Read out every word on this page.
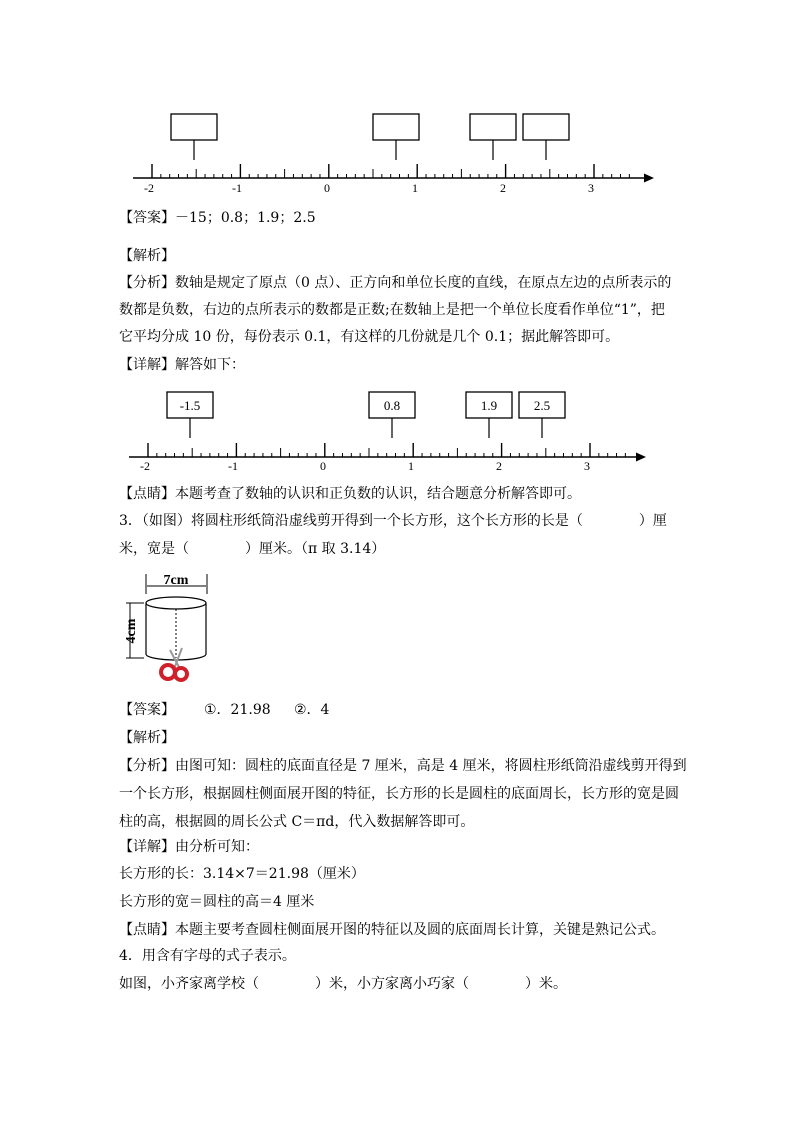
-2	-1	0	1	2	3
【答案】－15；0.8；1.9；2.5
【解析】
【分析】数轴是规定了原点（0 点）、正方向和单位长度的直线，在原点左边的点所表示的
数都是负数，右边的点所表示的数都是正数;在数轴上是把一个单位长度看作单位“1”，把
它平均分成 10 份，每份表示 0.1，有这样的几份就是几个 0.1；据此解答即可。
【详解】解答如下：
-1.5	0.8	1.9	2.5
-2	-1	0	1	2	3
【点睛】本题考查了数轴的认识和正负数的认识，结合题意分析解答即可。
3．（如图）将圆柱形纸筒沿虚线剪开得到一个长方形，这个长方形的长是（　　　　）厘
米，宽是（　　　　）厘米。（π 取 3.14）
7cm
4cm
【答案】 ①．21.98 ②．4
【解析】
【分析】由图可知：圆柱的底面直径是 7 厘米，高是 4 厘米，将圆柱形纸筒沿虚线剪开得到
一个长方形，根据圆柱侧面展开图的特征，长方形的长是圆柱的底面周长，长方形的宽是圆
柱的高，根据圆的周长公式 C＝πd，代入数据解答即可。
【详解】由分析可知：
长方形的长：3.14×7＝21.98（厘米）
长方形的宽＝圆柱的高＝4 厘米
【点睛】本题主要考查圆柱侧面展开图的特征以及圆的底面周长计算，关键是熟记公式。
4．用含有字母的式子表示。
如图，小齐家离学校（　　　　）米，小方家离小巧家（　　　　）米。
